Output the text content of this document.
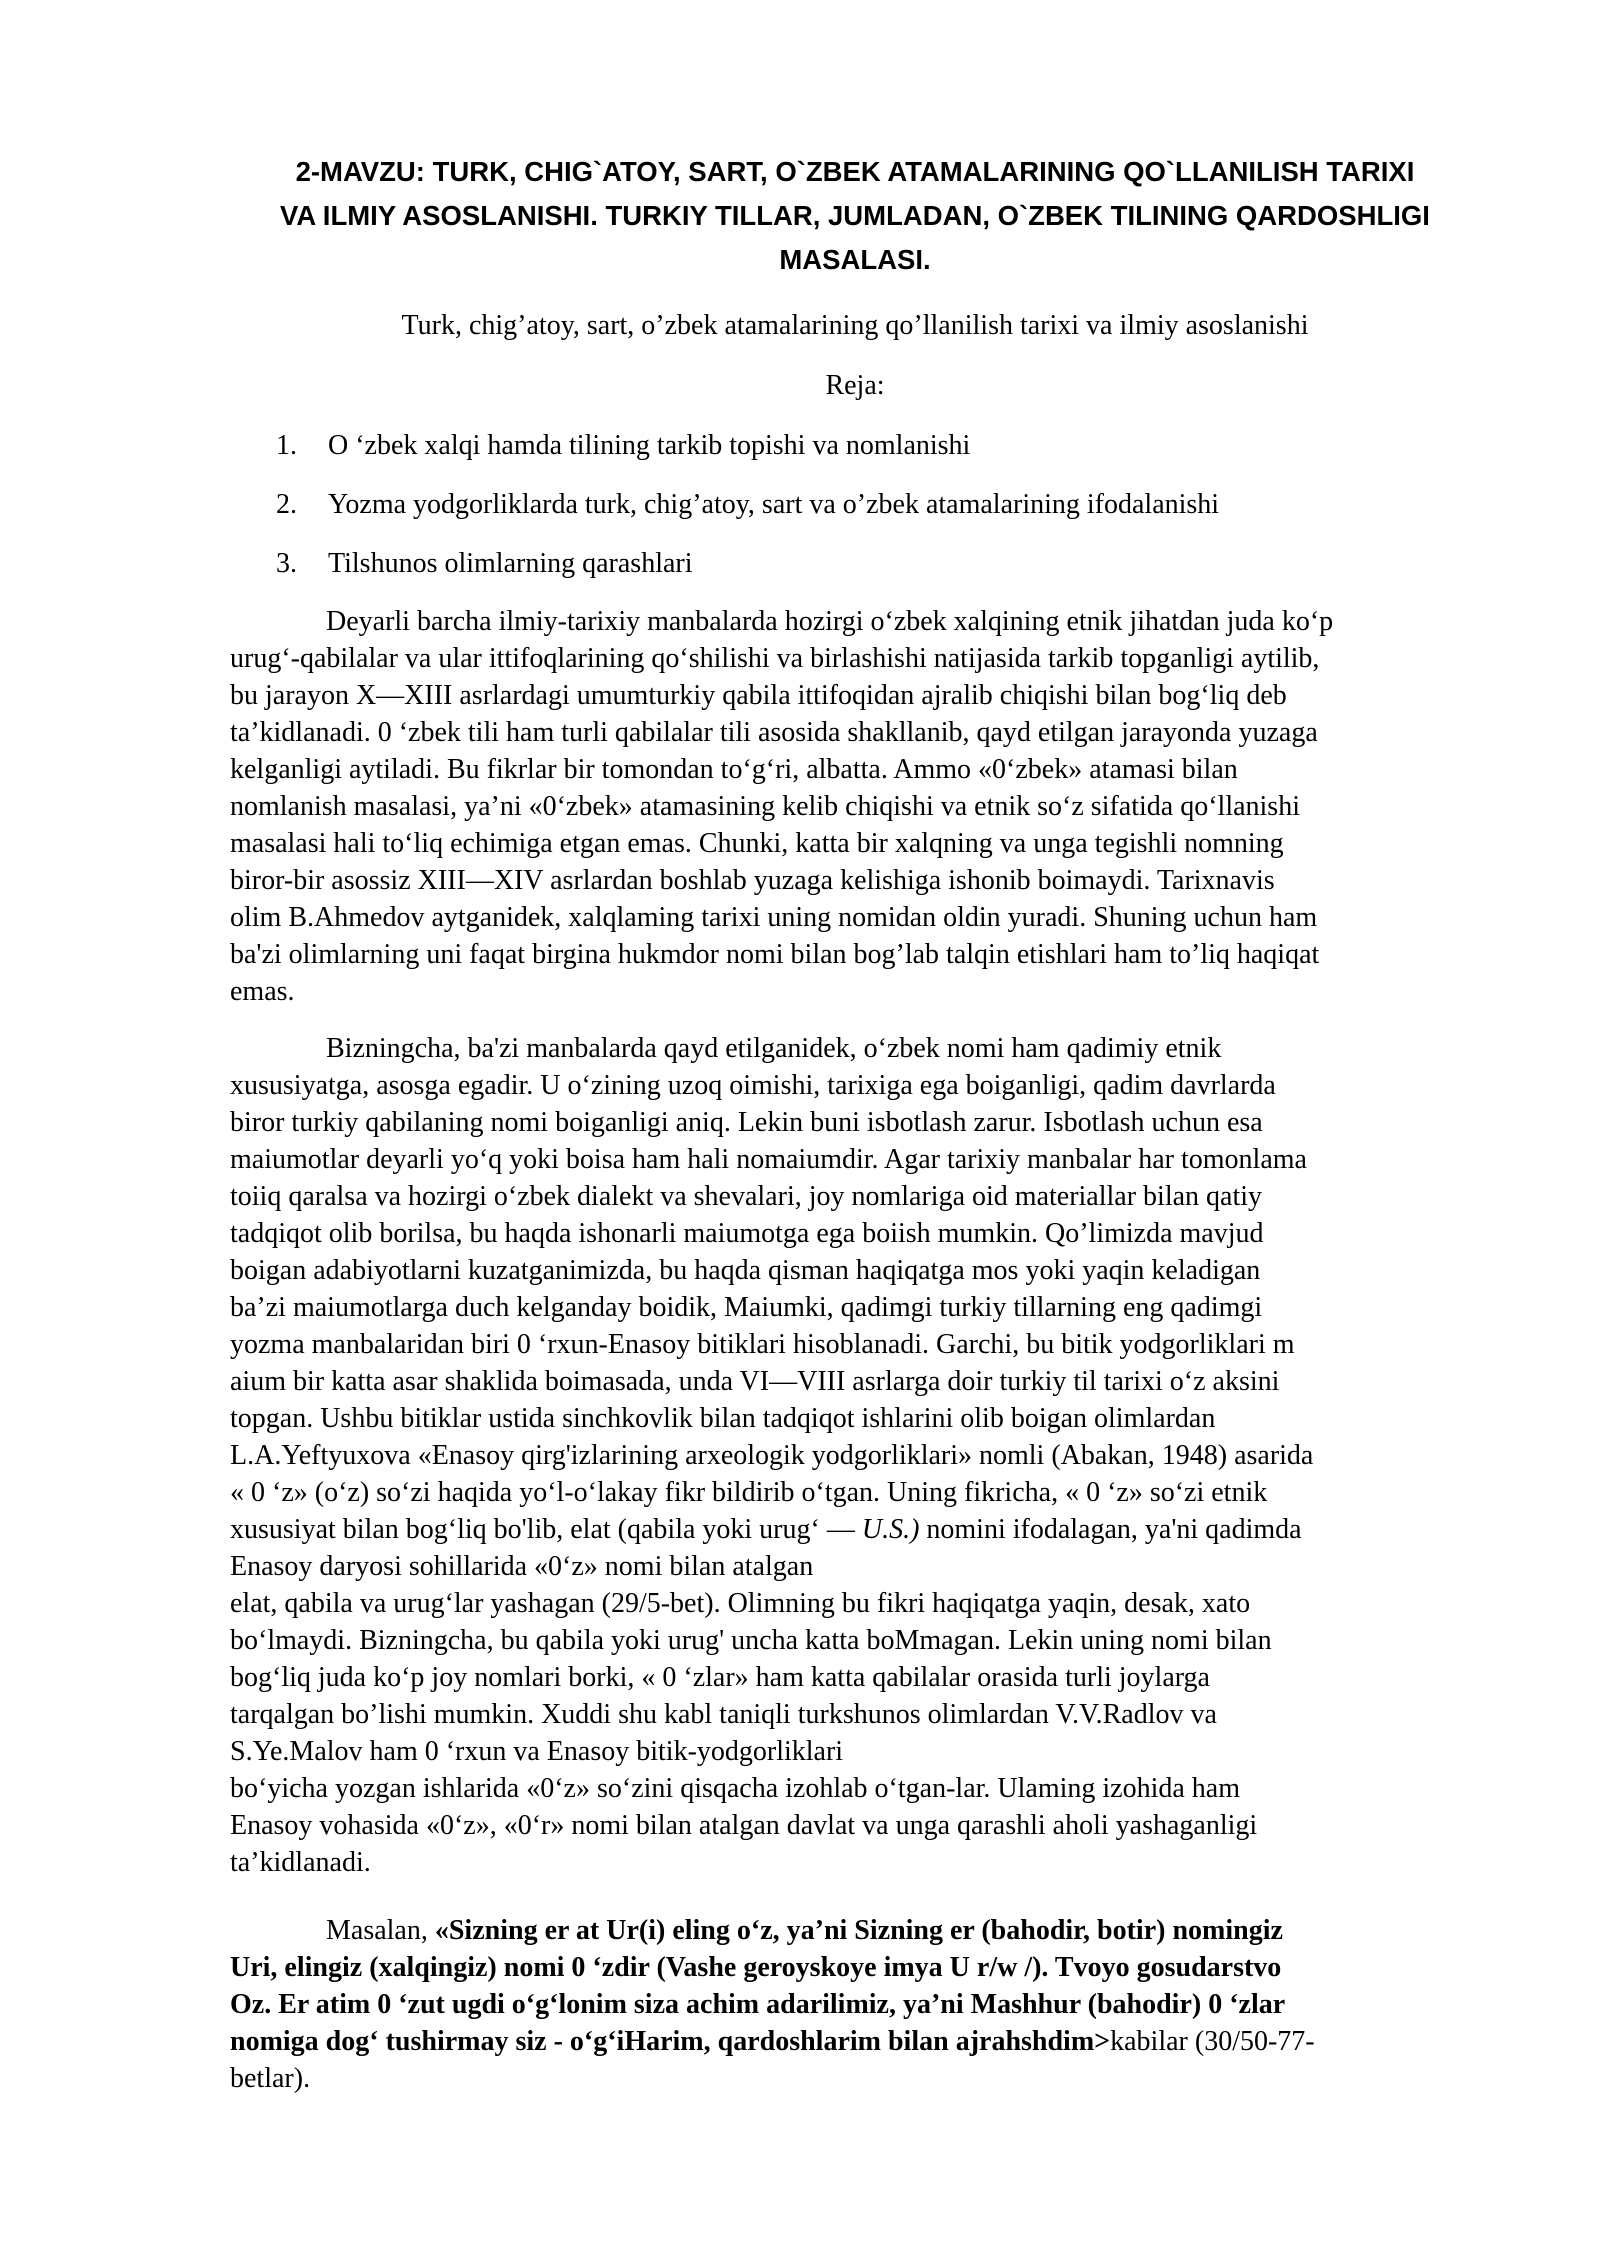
2-MAVZU: TURK, CHIG`ATOY, SART, O`ZBEK ATAMALARINING QO`LLANILISH TARIXI
VA ILMIY ASOSLANISHI. TURKIY TILLAR, JUMLADAN, O`ZBEK TILINING QARDOSHLIGI
MASALASI.
Turk, chig’atoy, sart, o’zbek atamalarining qo’llanilish tarixi va ilmiy asoslanishi
Reja:
1. O ‘zbek xalqi hamda tilining tarkib topishi va nomlanishi
2. Yozma yodgorliklarda turk, chig’atoy, sart va o’zbek atamalarining ifodalanishi
3. Tilshunos olimlarning qarashlari
Deyarli barcha ilmiy-tarixiy manbalarda hozirgi o‘zbek xalqining etnik jihatdan juda ko‘p
urug‘-qabilalar va ular ittifoqlarining qo‘shilishi va birlashishi natijasida tarkib topganligi aytilib,
bu jarayon X—XIII asrlardagi umumturkiy qabila ittifoqidan ajralib chiqishi bilan bog‘liq deb
ta’kidlanadi. 0 ‘zbek tili ham turli qabilalar tili asosida shakllanib, qayd etilgan jarayonda yuzaga
kelganligi aytiladi. Bu fikrlar bir tomondan to‘g‘ri, albatta. Ammo «0‘zbek» atamasi bilan
nomlanish masalasi, ya’ni «0‘zbek» atamasining kelib chiqishi va etnik so‘z sifatida qo‘llanishi
masalasi hali to‘liq echimiga etgan emas. Chunki, katta bir xalqning va unga tegishli nomning
biror-bir asossiz XIII—XIV asrlardan boshlab yuzaga kelishiga ishonib boimaydi. Tarixnavis
olim B.Ahmedov aytganidek, xalqlaming tarixi uning nomidan oldin yuradi. Shuning uchun ham
ba'zi olimlarning uni faqat birgina hukmdor nomi bilan bog’lab talqin etishlari ham to’liq haqiqat
emas.
Bizningcha, ba'zi manbalarda qayd etilganidek, o‘zbek nomi ham qadimiy etnik
xususiyatga, asosga egadir. U o‘zining uzoq oimishi, tarixiga ega boiganligi, qadim davrlarda
biror turkiy qabilaning nomi boiganligi aniq. Lekin buni isbotlash zarur. Isbotlash uchun esa
maiumotlar deyarli yo‘q yoki boisa ham hali nomaiumdir. Agar tarixiy manbalar har tomonlama
toiiq qaralsa va hozirgi o‘zbek dialekt va shevalari, joy nomlariga oid materiallar bilan qatiy
tadqiqot olib borilsa, bu haqda ishonarli maiumotga ega boiish mumkin. Qo’limizda mavjud
boigan adabiyotlarni kuzatganimizda, bu haqda qisman haqiqatga mos yoki yaqin keladigan
ba’zi maiumotlarga duch kelganday boidik, Maiumki, qadimgi turkiy tillarning eng qadimgi
yozma manbalaridan biri 0 ‘rxun-Enasoy bitiklari hisoblanadi. Garchi, bu bitik yodgorliklari m
aium bir katta asar shaklida boimasada, unda VI—VIII asrlarga doir turkiy til tarixi o‘z aksini
topgan. Ushbu bitiklar ustida sinchkovlik bilan tadqiqot ishlarini olib boigan olimlardan
L.A.Yeftyuxova «Enasoy qirg'izlarining arxeologik yodgorliklari» nomli (Abakan, 1948) asarida
« 0 ‘z» (o‘z) so‘zi haqida yo‘l-o‘lakay fikr bildirib o‘tgan. Uning fikricha, « 0 ‘z» so‘zi etnik
xususiyat bilan bog‘liq bo'lib, elat (qabila yoki urug‘ — U.S.) nomini ifodalagan, ya'ni qadimda
Enasoy daryosi sohillarida «0‘z» nomi bilan atalgan
elat, qabila va urug‘lar yashagan (29/5-bet). Olimning bu fikri haqiqatga yaqin, desak, xato
bo‘lmaydi. Bizningcha, bu qabila yoki urug' uncha katta boMmagan. Lekin uning nomi bilan
bog‘liq juda ko‘p joy nomlari borki, « 0 ‘zlar» ham katta qabilalar orasida turli joylarga
tarqalgan bo’lishi mumkin. Xuddi shu kabl taniqli turkshunos olimlardan V.V.Radlov va
S.Ye.Malov ham 0 ‘rxun va Enasoy bitik-yodgorliklari
bo‘yicha yozgan ishlarida «0‘z» so‘zini qisqacha izohlab o‘tgan-lar. Ulaming izohida ham
Enasoy vohasida «0‘z», «0‘r» nomi bilan atalgan davlat va unga qarashli aholi yashaganligi
ta’kidlanadi.
Masalan, «Sizning er at Ur(i) eling o‘z, ya’ni Sizning er (bahodir, botir) nomingiz
Uri, elingiz (xalqingiz) nomi 0 ‘zdir (Vashe geroyskoye imya U r/w /). Tvoyo gosudarstvo
Oz. Er atim 0 ‘zut ugdi o‘g‘lonim siza achim adarilimiz, ya’ni Mashhur (bahodir) 0 ‘zlar
nomiga dog‘ tushirmay siz - o‘g‘iHarim, qardoshlarim bilan ajrahshdim>kabilar (30/50-77-
betlar).
